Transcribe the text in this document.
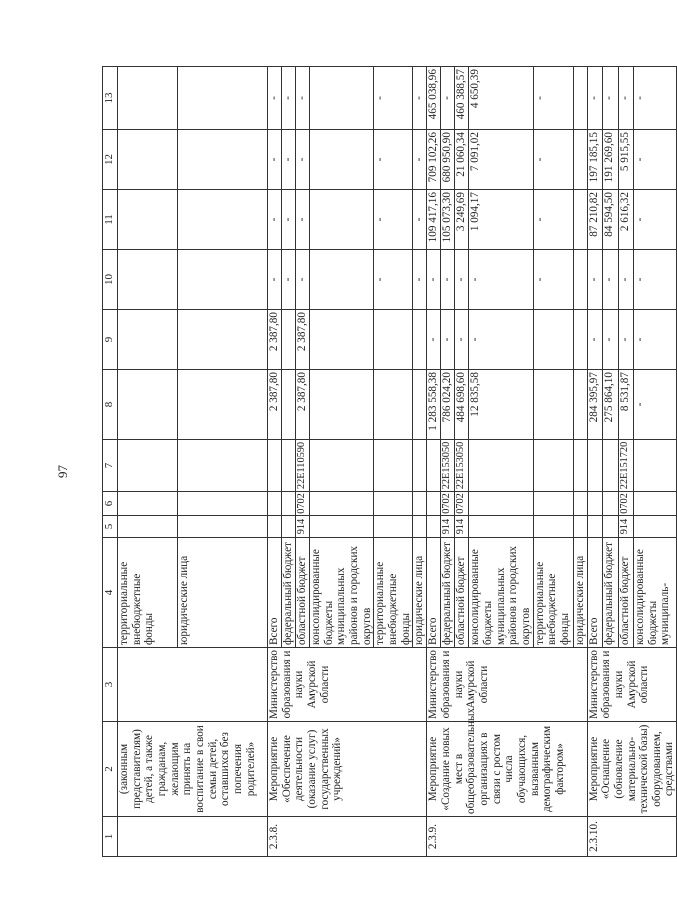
97
1	2	3	4	5	6	7	8	9	10	11	12	13
	(законным представителям) детей, а также гражданам, желающим принять на воспитание в свои семьи детей, оставшихся без попечения родителей»		территориальные внебюджетные фонды									
			юридические лица									
2.3.8.	Мероприятие «Обеспечение деятельности (оказание услуг) государственных учреждений»	Министерство образования и науки Амурской области	Всего				2 387,80	2 387,80	-	-	-	-
			федеральный бюджет						-	-	-	-
			областной бюджет	914	0702	22E110590	2 387,80	2 387,80	-	-	-	-
			консолидированные бюджеты муниципальных районов и городских округов									
			территориальные внебюджетные фонды						-	-	-	-
			юридические лица						-	-	-	-
2.3.9.	Мероприятие «Создание новых мест в общеобразовательных организациях в связи с ростом числа обучающихся, вызванным демографическим фактором»	Министерство образования и науки Амурской области	Всего				1 283 558,38	-	-	109 417,16	709 102,26	465 038,96
			федеральный бюджет	914	0702	22E153050	786 024,20	-	-	105 073,30	680 950,90	-
			областной бюджет	914	0702	22E153050	484 698,60	-	-	3 249,69	21 060,34	460 388,57
			консолидированные бюджеты муниципальных районов и городских округов				12 835,58	-	-	1 094,17	7 091,02	4 650,39
			территориальные внебюджетные фонды						-	-	-	-
			юридические лица									
2.3.10.	Мероприятие «Оснащение (обновление материально-технической базы) оборудованием, средствами	Министерство образования и науки Амурской области	Всего				284 395,97	-	-	87 210,82	197 185,15	-
			федеральный бюджет				275 864,10	-	-	84 594,50	191 269,60	-
			областной бюджет	914	0702	22E151720	8 531,87	-	-	2 616,32	5 915,55	-
			консолидированные бюджеты муниципаль-				-	-	-	-	-	-
